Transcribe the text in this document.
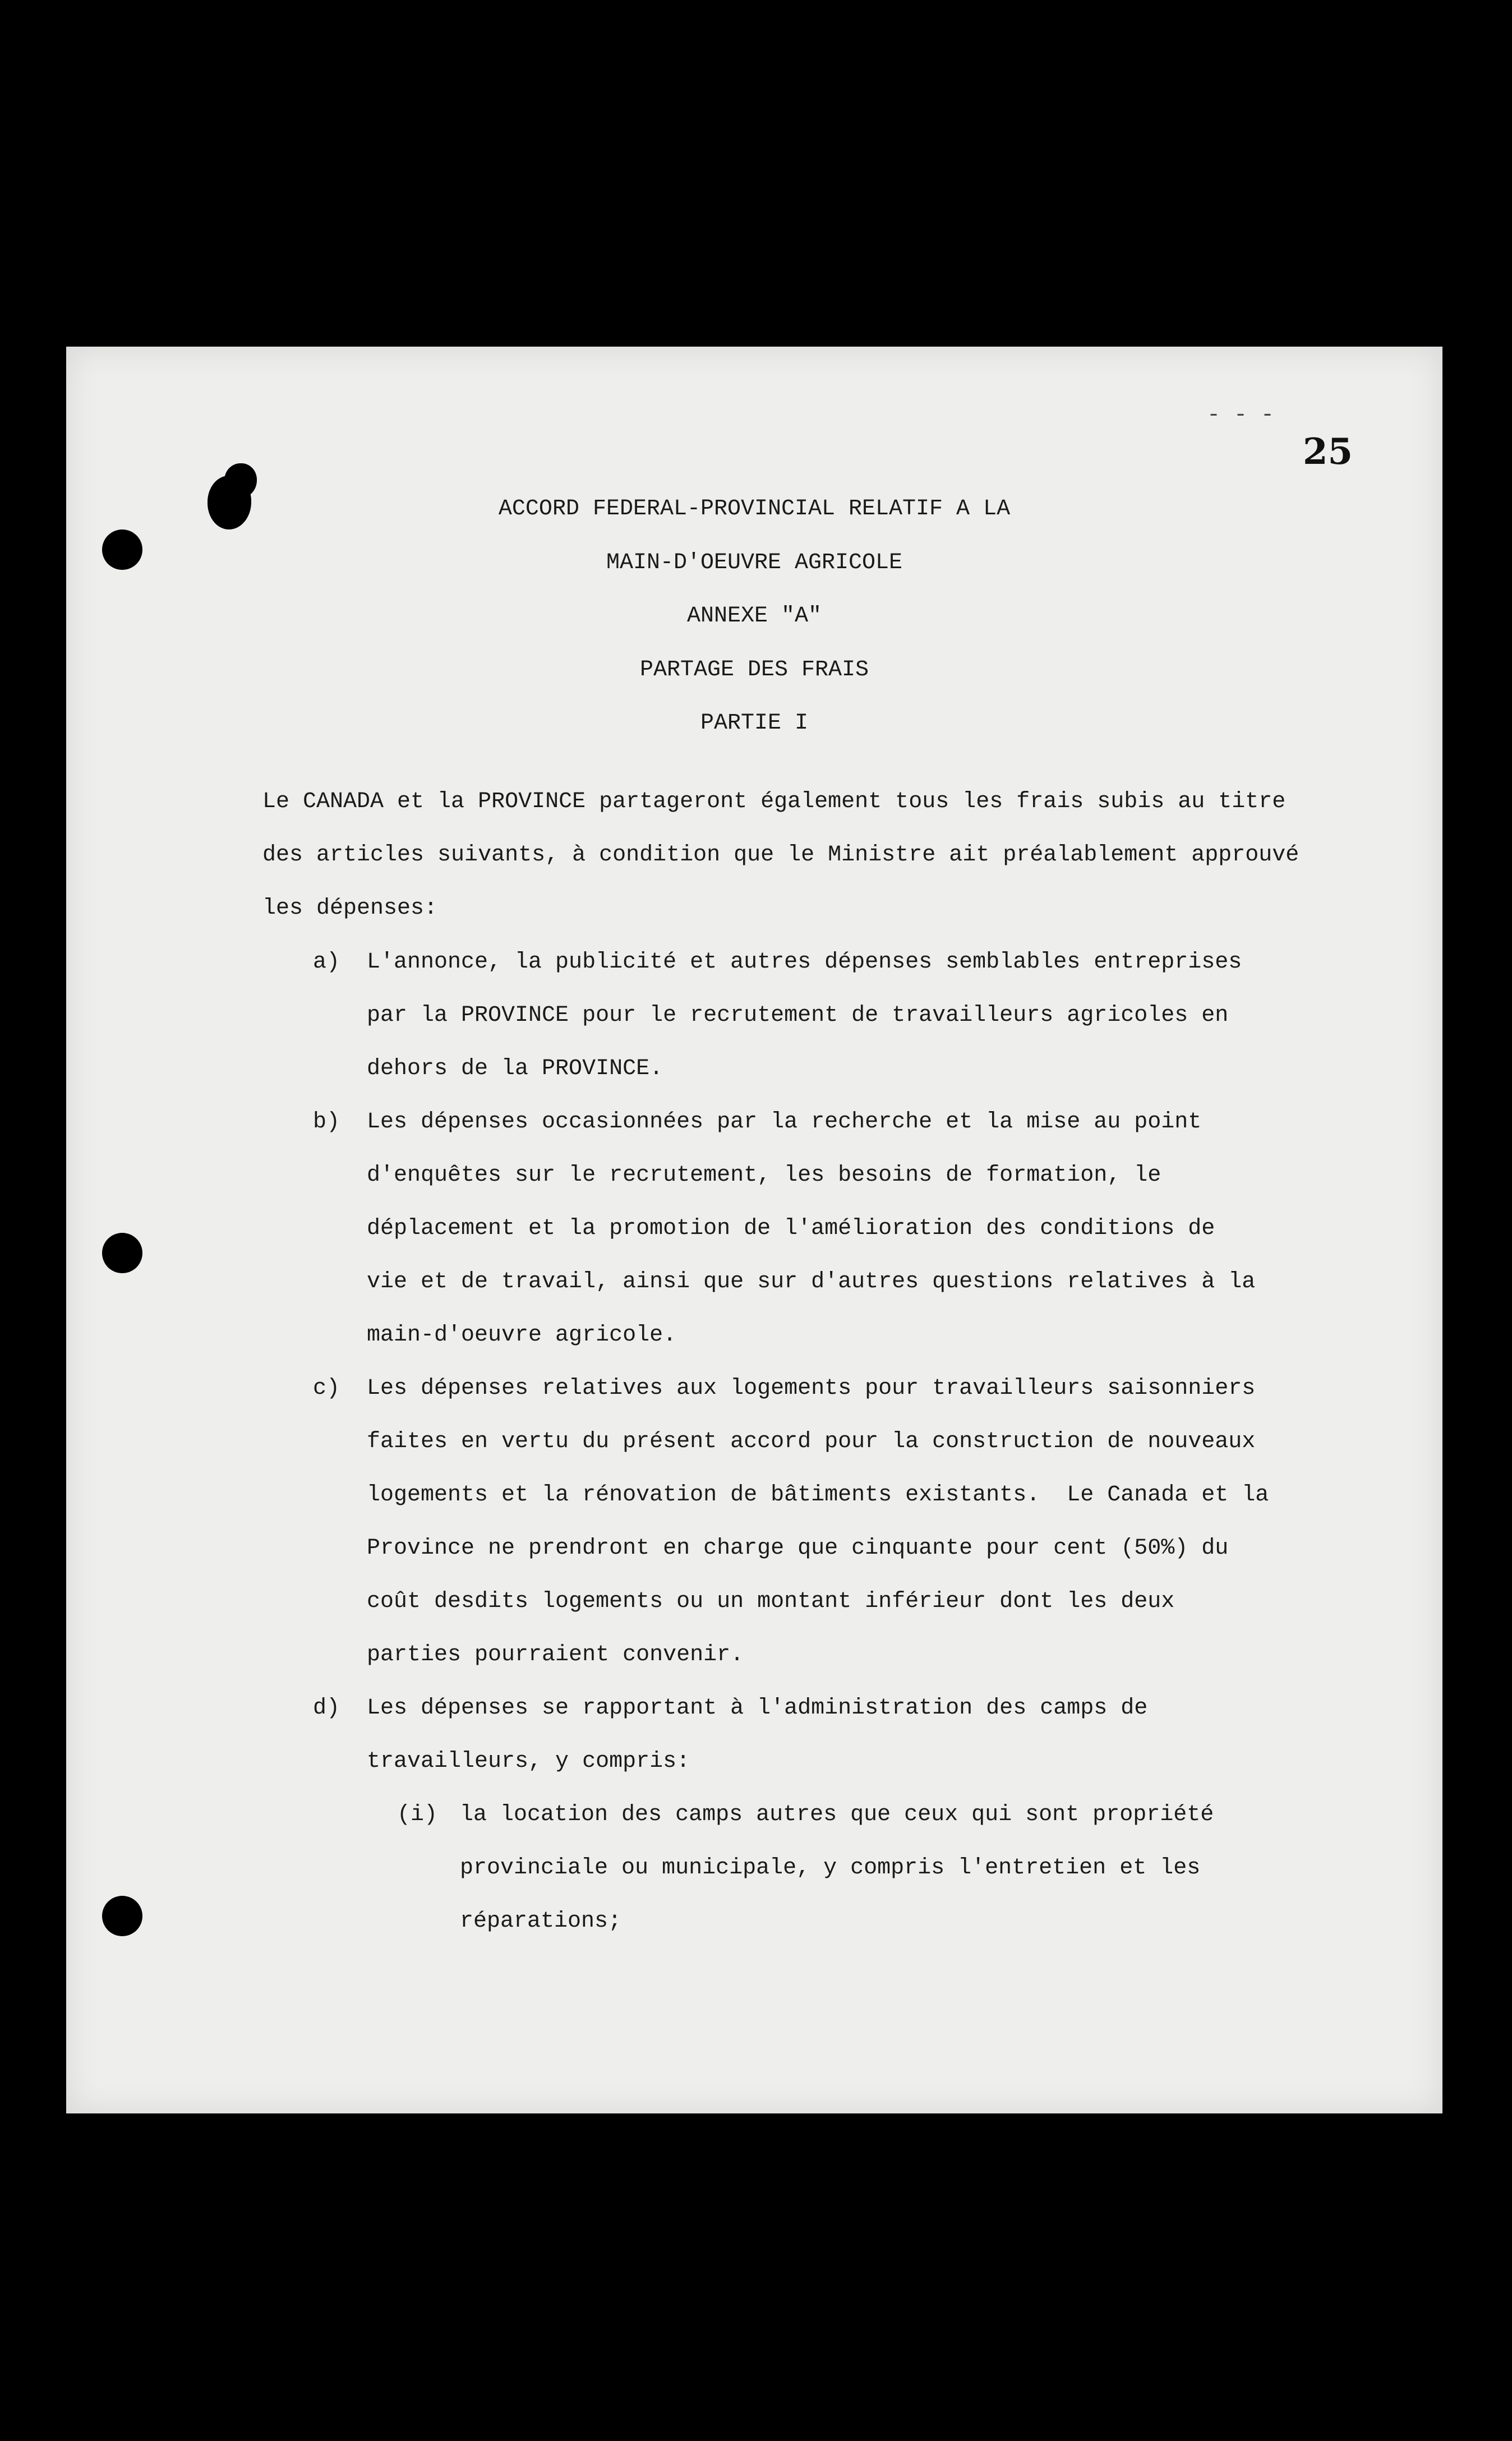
- - -
25
ACCORD FEDERAL-PROVINCIAL RELATIF A LA
MAIN-D'OEUVRE AGRICOLE
ANNEXE "A"
PARTAGE DES FRAIS
PARTIE I
Le CANADA et la PROVINCE partageront également tous les frais subis au titre
des articles suivants, à condition que le Ministre ait préalablement approuvé
les dépenses:
a) L'annonce, la publicité et autres dépenses semblables entreprises
par la PROVINCE pour le recrutement de travailleurs agricoles en
dehors de la PROVINCE.
b) Les dépenses occasionnées par la recherche et la mise au point
d'enquêtes sur le recrutement, les besoins de formation, le
déplacement et la promotion de l'amélioration des conditions de
vie et de travail, ainsi que sur d'autres questions relatives à la
main-d'oeuvre agricole.
c) Les dépenses relatives aux logements pour travailleurs saisonniers
faites en vertu du présent accord pour la construction de nouveaux
logements et la rénovation de bâtiments existants.  Le Canada et la
Province ne prendront en charge que cinquante pour cent (50%) du
coût desdits logements ou un montant inférieur dont les deux
parties pourraient convenir.
d) Les dépenses se rapportant à l'administration des camps de
travailleurs, y compris:
(i) la location des camps autres que ceux qui sont propriété
provinciale ou municipale, y compris l'entretien et les
réparations;
